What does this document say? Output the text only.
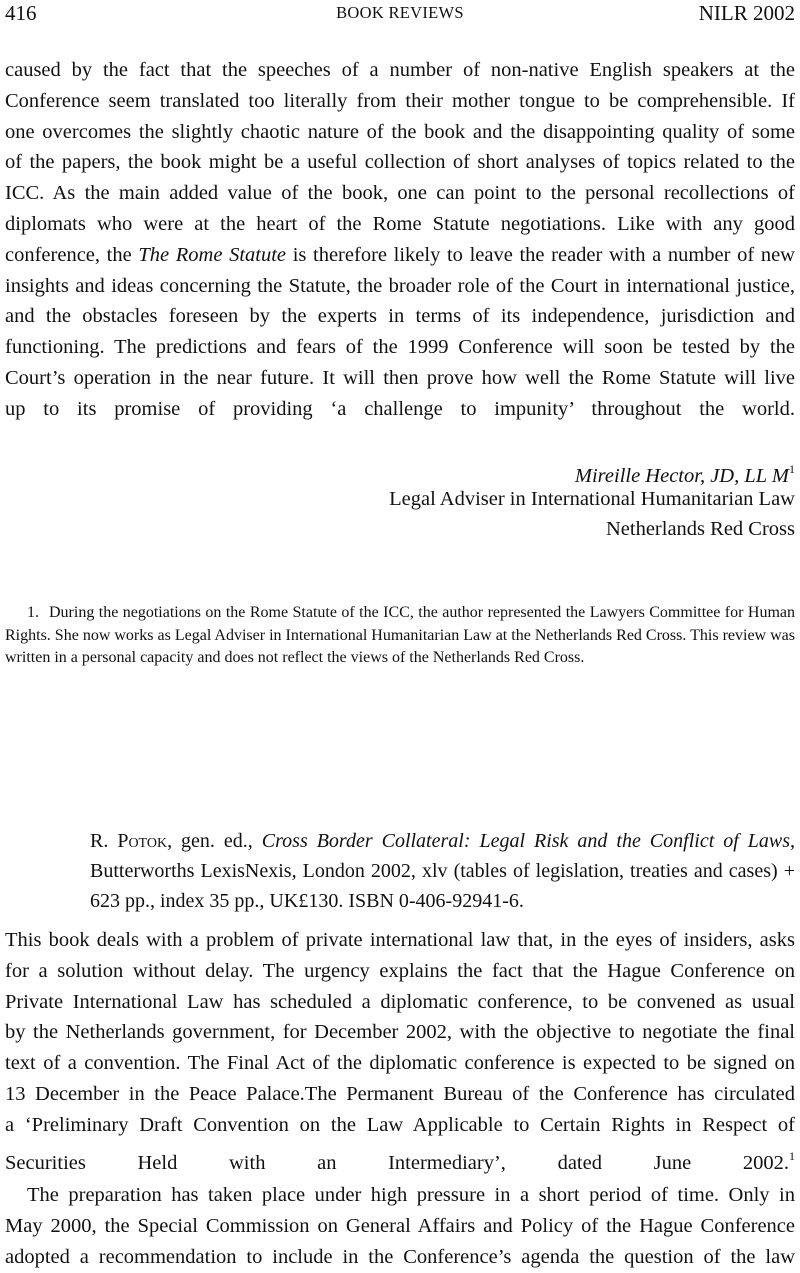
416	BOOK REVIEWS	NILR 2002
caused by the fact that the speeches of a number of non-native English speakers at the
Conference seem translated too literally from their mother tongue to be comprehensible. If
one overcomes the slightly chaotic nature of the book and the disappointing quality of some
of the papers, the book might be a useful collection of short analyses of topics related to the
ICC. As the main added value of the book, one can point to the personal recollections of
diplomats who were at the heart of the Rome Statute negotiations. Like with any good
conference, the The Rome Statute is therefore likely to leave the reader with a number of new
insights and ideas concerning the Statute, the broader role of the Court in international justice,
and the obstacles foreseen by the experts in terms of its independence, jurisdiction and
functioning. The predictions and fears of the 1999 Conference will soon be tested by the
Court’s operation in the near future. It will then prove how well the Rome Statute will live
up to its promise of providing ‘a challenge to impunity’ throughout the world.
Mireille Hector, JD, LL $M^1$
Legal Adviser in International Humanitarian Law
Netherlands Red Cross
1. During the negotiations on the Rome Statute of the ICC, the author represented the Lawyers Committee for Human Rights. She now works as Legal Adviser in International Humanitarian Law at the Netherlands Red Cross. This review was written in a personal capacity and does not reflect the views of the Netherlands Red Cross.
R. Potok, gen. ed., Cross Border Collateral: Legal Risk and the Conflict of Laws, Butterworths LexisNexis, London 2002, xlv (tables of legislation, treaties and cases) + 623 pp., index 35 pp., UK£130. ISBN 0-406-92941-6.
This book deals with a problem of private international law that, in the eyes of insiders, asks
for a solution without delay. The urgency explains the fact that the Hague Conference on
Private International Law has scheduled a diplomatic conference, to be convened as usual
by the Netherlands government, for December 2002, with the objective to negotiate the final
text of a convention. The Final Act of the diplomatic conference is expected to be signed on
13 December in the Peace Palace.The Permanent Bureau of the Conference has circulated
a ‘Preliminary Draft Convention on the Law Applicable to Certain Rights in Respect of
Securities Held with an Intermediary’, dated June 2002.$^1$
The preparation has taken place under high pressure in a short period of time. Only in
May 2000, the Special Commission on General Affairs and Policy of the Hague Conference
adopted a recommendation to include in the Conference’s agenda the question of the law
